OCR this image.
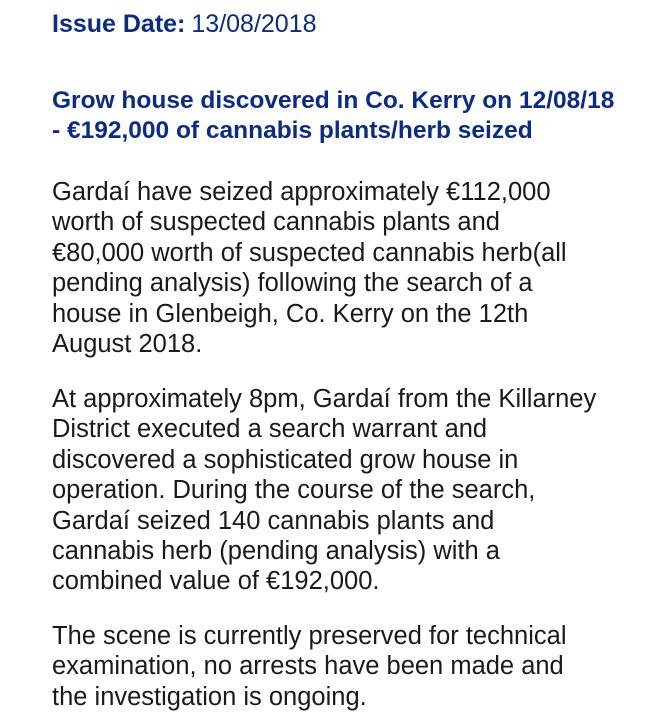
Issue Date: 13/08/2018
Grow house discovered in Co. Kerry on 12/08/18
- €192,000 of cannabis plants/herb seized
Gardaí have seized approximately €112,000
worth of suspected cannabis plants and
€80,000 worth of suspected cannabis herb(all
pending analysis) following the search of a
house in Glenbeigh, Co. Kerry on the 12th
August 2018.
At approximately 8pm, Gardaí from the Killarney
District executed a search warrant and
discovered a sophisticated grow house in
operation. During the course of the search,
Gardaí seized 140 cannabis plants and
cannabis herb (pending analysis) with a
combined value of €192,000.
The scene is currently preserved for technical
examination, no arrests have been made and
the investigation is ongoing.
